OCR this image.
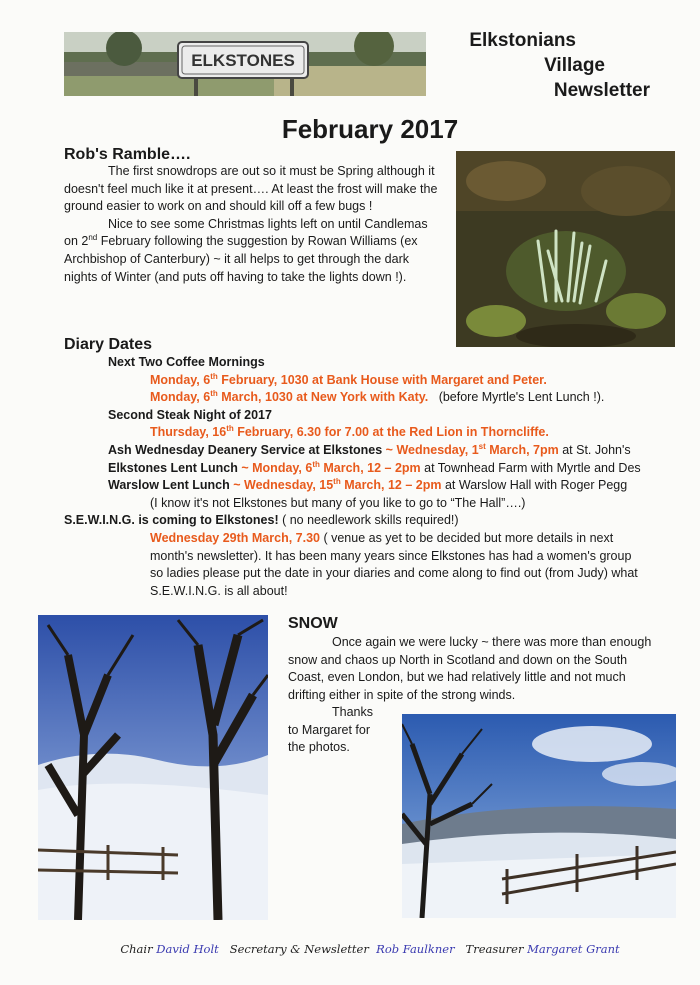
ELKSTONES
Elkstonians
Village
Newsletter
February 2017
Rob's Ramble….

The first snowdrops are out so it must be Spring although it doesn't feel much like it at present…. At least the frost will make the ground easier to work on and should kill off a few bugs !

Nice to see some Christmas lights left on until Candlemas on 2nd February following the suggestion by Rowan Williams (ex Archbishop of Canterbury) ~ it all helps to get through the dark nights of Winter (and puts off having to take the lights down !).

Diary Dates
Next Two Coffee Mornings
Monday, 6th February, 1030 at Bank House with Margaret and Peter.
Monday, 6th March, 1030 at New York with Katy. (before Myrtle's Lent Lunch !).
Second Steak Night of 2017
Thursday, 16th February, 6.30 for 7.00 at the Red Lion in Thorncliffe.
Ash Wednesday Deanery Service at Elkstones ~ Wednesday, 1st March, 7pm at St. John's
Elkstones Lent Lunch ~ Monday, 6th March, 12 – 2pm at Townhead Farm with Myrtle and Des
Warslow Lent Lunch ~ Wednesday, 15th March, 12 – 2pm at Warslow Hall with Roger Pegg
(I know it's not Elkstones but many of you like to go to “The Hall”….)
S.E.W.I.N.G. is coming to Elkstones! ( no needlework skills required!)
Wednesday 29th March, 7.30 ( venue as yet to be decided but more details in next month's newsletter). It has been many years since Elkstones has had a women's group so ladies please put the date in your diaries and come along to find out (from Judy) what S.E.W.I.N.G. is all about!
SNOW

Once again we were lucky ~ there was more than enough snow and chaos up North in Scotland and down on the South Coast, even London, but we had relatively little and not much drifting either in spite of the strong winds.

Thanks
to Margaret for
the photos.
Chair David Holt Secretary & Newsletter Rob Faulkner Treasurer Margaret Grant
